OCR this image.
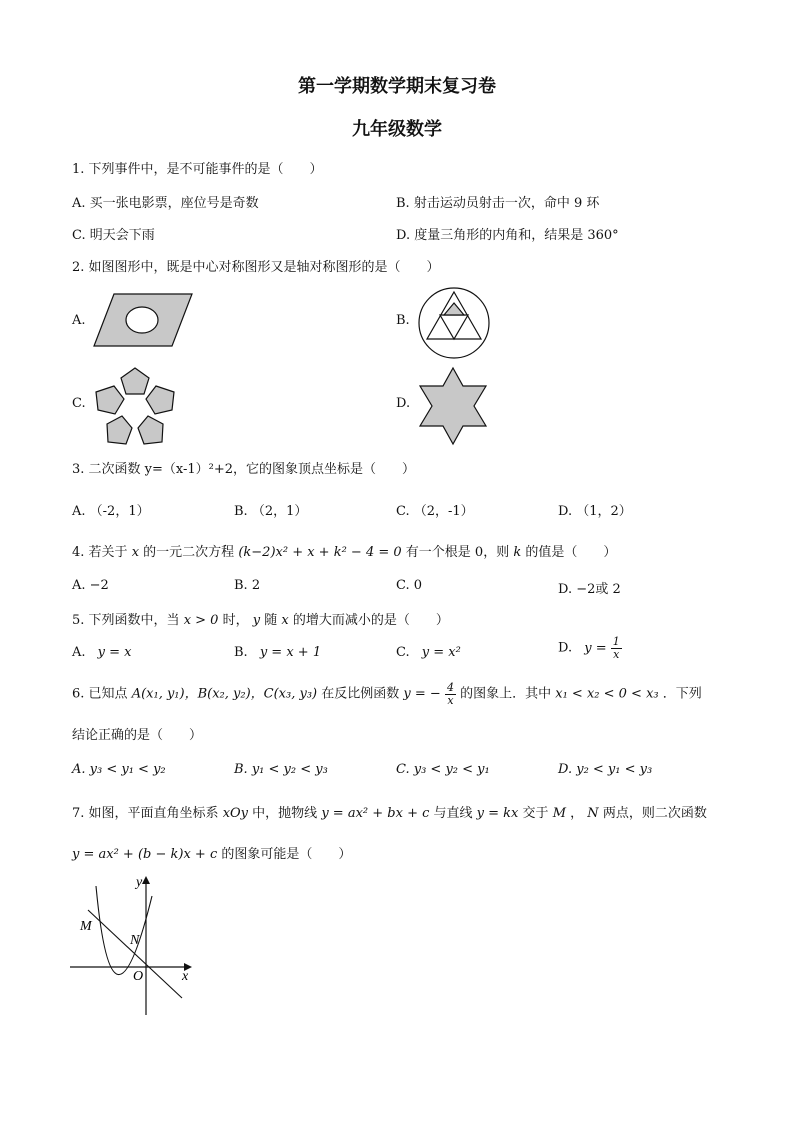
第一学期数学期末复习卷
九年级数学
1. 下列事件中，是不可能事件的是（　　）
A. 买一张电影票，座位号是奇数	B. 射击运动员射击一次，命中 9 环
C. 明天会下雨	D. 度量三角形的内角和，结果是 360°
2. 如图图形中，既是中心对称图形又是轴对称图形的是（　　）
A.	B.
C.	D.
3. 二次函数 y=（x-1）²+2，它的图象顶点坐标是（　　）
A. （-2，1）	B. （2，1）	C. （2，-1）	D. （1，2）
4. 若关于 x 的一元二次方程 (k−2)x² + x + k² − 4 = 0 有一个根是 0，则 k 的值是（　　）
A. −2	B. 2	C. 0	D. −2或 2
5. 下列函数中，当 x > 0 时， y 随 x 的增大而减小的是（　　）
A. y = x	B. y = x + 1	C. y = x²	D. $y = \frac{1}{x}$
6. 已知点 A(x₁, y₁)，B(x₂, y₂)，C(x₃, y₃) 在反比例函数 y = − $\frac{4}{x}$ 的图象上．其中 x₁ < x₂ < 0 < x₃ ．下列
结论正确的是（　　）
A. y₃ < y₁ < y₂	B. y₁ < y₂ < y₃	C. y₃ < y₂ < y₁	D. y₂ < y₁ < y₃
7. 如图，平面直角坐标系 xOy 中，抛物线 y = ax² + bx + c 与直线 y = kx 交于 M ， N 两点，则二次函数
y = ax² + (b − k)x + c 的图象可能是（　　）
M
N
O
y
x
